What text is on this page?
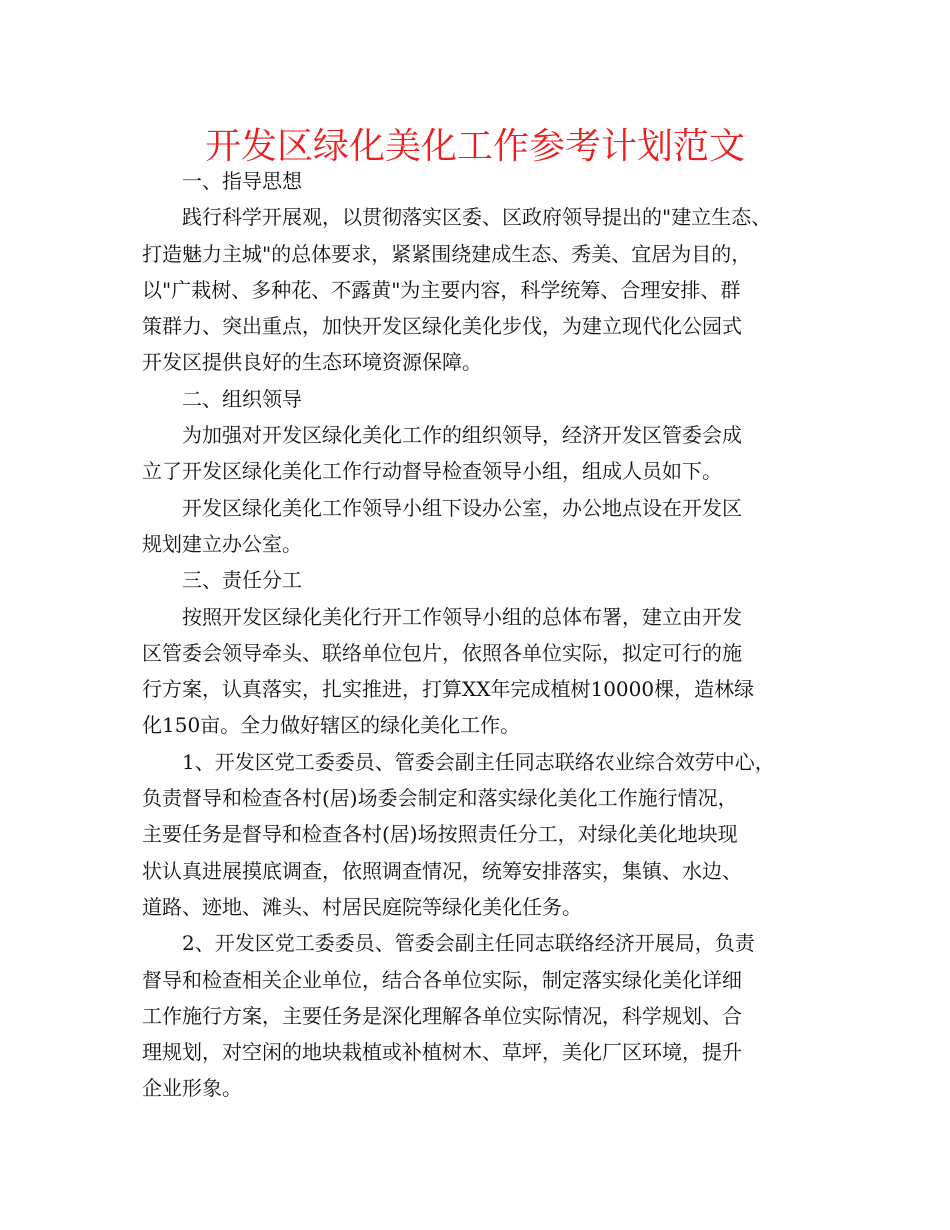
开发区绿化美化工作参考计划范文

一、指导思想

践行科学开展观，以贯彻落实区委、区政府领导提出的"建立生态、
打造魅力主城"的总体要求，紧紧围绕建成生态、秀美、宜居为目的，
以"广栽树、多种花、不露黄"为主要内容，科学统筹、合理安排、群
策群力、突出重点，加快开发区绿化美化步伐，为建立现代化公园式
开发区提供良好的生态环境资源保障。

二、组织领导

为加强对开发区绿化美化工作的组织领导，经济开发区管委会成
立了开发区绿化美化工作行动督导检查领导小组，组成人员如下。

开发区绿化美化工作领导小组下设办公室，办公地点设在开发区
规划建立办公室。

三、责任分工

按照开发区绿化美化行开工作领导小组的总体布署，建立由开发
区管委会领导牵头、联络单位包片，依照各单位实际，拟定可行的施
行方案，认真落实，扎实推进，打算XX年完成植树10000棵，造林绿
化150亩。全力做好辖区的绿化美化工作。

1、开发区党工委委员、管委会副主任同志联络农业综合效劳中心，
负责督导和检查各村(居)场委会制定和落实绿化美化工作施行情况，
主要任务是督导和检查各村(居)场按照责任分工，对绿化美化地块现
状认真进展摸底调查，依照调查情况，统筹安排落实，集镇、水边、
道路、迹地、滩头、村居民庭院等绿化美化任务。

2、开发区党工委委员、管委会副主任同志联络经济开展局，负责
督导和检查相关企业单位，结合各单位实际，制定落实绿化美化详细
工作施行方案，主要任务是深化理解各单位实际情况，科学规划、合
理规划，对空闲的地块栽植或补植树木、草坪，美化厂区环境，提升
企业形象。
